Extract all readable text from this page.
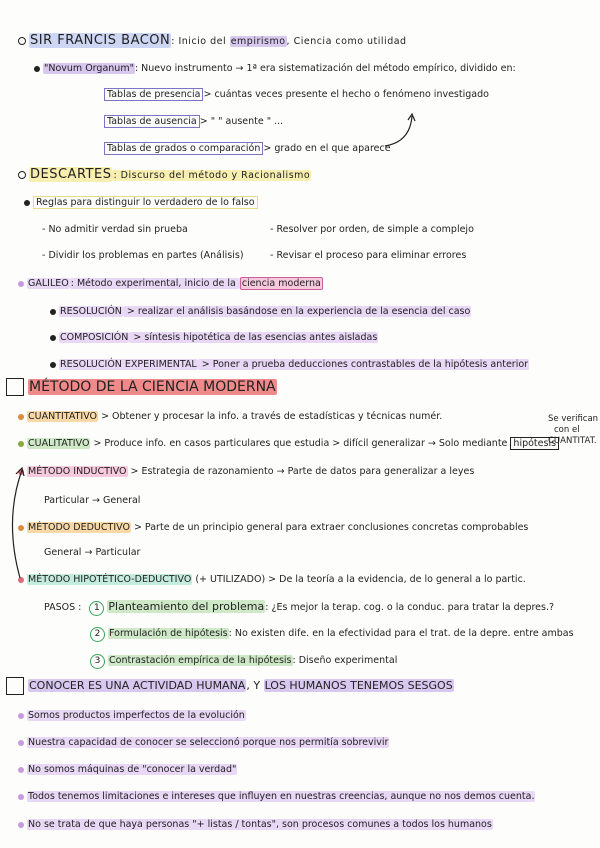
SIR FRANCIS BACON: Inicio del empirismo, Ciencia como utilidad
"Novum Organum": Nuevo instrumento → 1ª era sistematización del método empírico, dividido en:
Tablas de presencia > cuántas veces presente el hecho o fenómeno investigado
Tablas de ausencia > " " ausente " ...
Tablas de grados o comparación > grado en el que aparece
DESCARTES : Discurso del método y Racionalismo
Reglas para distinguir lo verdadero de lo falso
- No admitir verdad sin prueba	- Resolver por orden, de simple a complejo
- Dividir los problemas en partes (Análisis)	- Revisar el proceso para eliminar errores
GALILEO : Método experimental, inicio de la ciencia moderna
RESOLUCIÓN > realizar el análisis basándose en la experiencia de la esencia del caso
COMPOSICIÓN > síntesis hipotética de las esencias antes aisladas
RESOLUCIÓN EXPERIMENTAL > Poner a prueba deducciones contrastables de la hipótesis anterior
MÉTODO DE LA CIENCIA MODERNA
CUANTITATIVO > Obtener y procesar la info. a través de estadísticas y técnicas numér.	Se verifican
con el
CUANTITAT.
CUALITATIVO > Produce info. en casos particulares que estudia > difícil generalizar → Solo mediante hipótesis
MÉTODO INDUCTIVO > Estrategia de razonamiento → Parte de datos para generalizar a leyes
Particular → General
MÉTODO DEDUCTIVO > Parte de un principio general para extraer conclusiones concretas comprobables
General → Particular
MÉTODO HIPOTÉTICO-DEDUCTIVO (+ UTILIZADO) > De la teoría a la evidencia, de lo general a lo partic.
PASOS : 1 Planteamiento del problema: ¿Es mejor la terap. cog. o la conduc. para tratar la depres.?
2 Formulación de hipótesis: No existen dife. en la efectividad para el trat. de la depre. entre ambas
3 Contrastación empírica de la hipótesis: Diseño experimental
CONOCER ES UNA ACTIVIDAD HUMANA, Y LOS HUMANOS TENEMOS SESGOS
Somos productos imperfectos de la evolución
Nuestra capacidad de conocer se seleccionó porque nos permitía sobrevivir
No somos máquinas de "conocer la verdad"
Todos tenemos limitaciones e intereses que influyen en nuestras creencias, aunque no nos demos cuenta.
No se trata de que haya personas "+ listas / tontas", son procesos comunes a todos los humanos
